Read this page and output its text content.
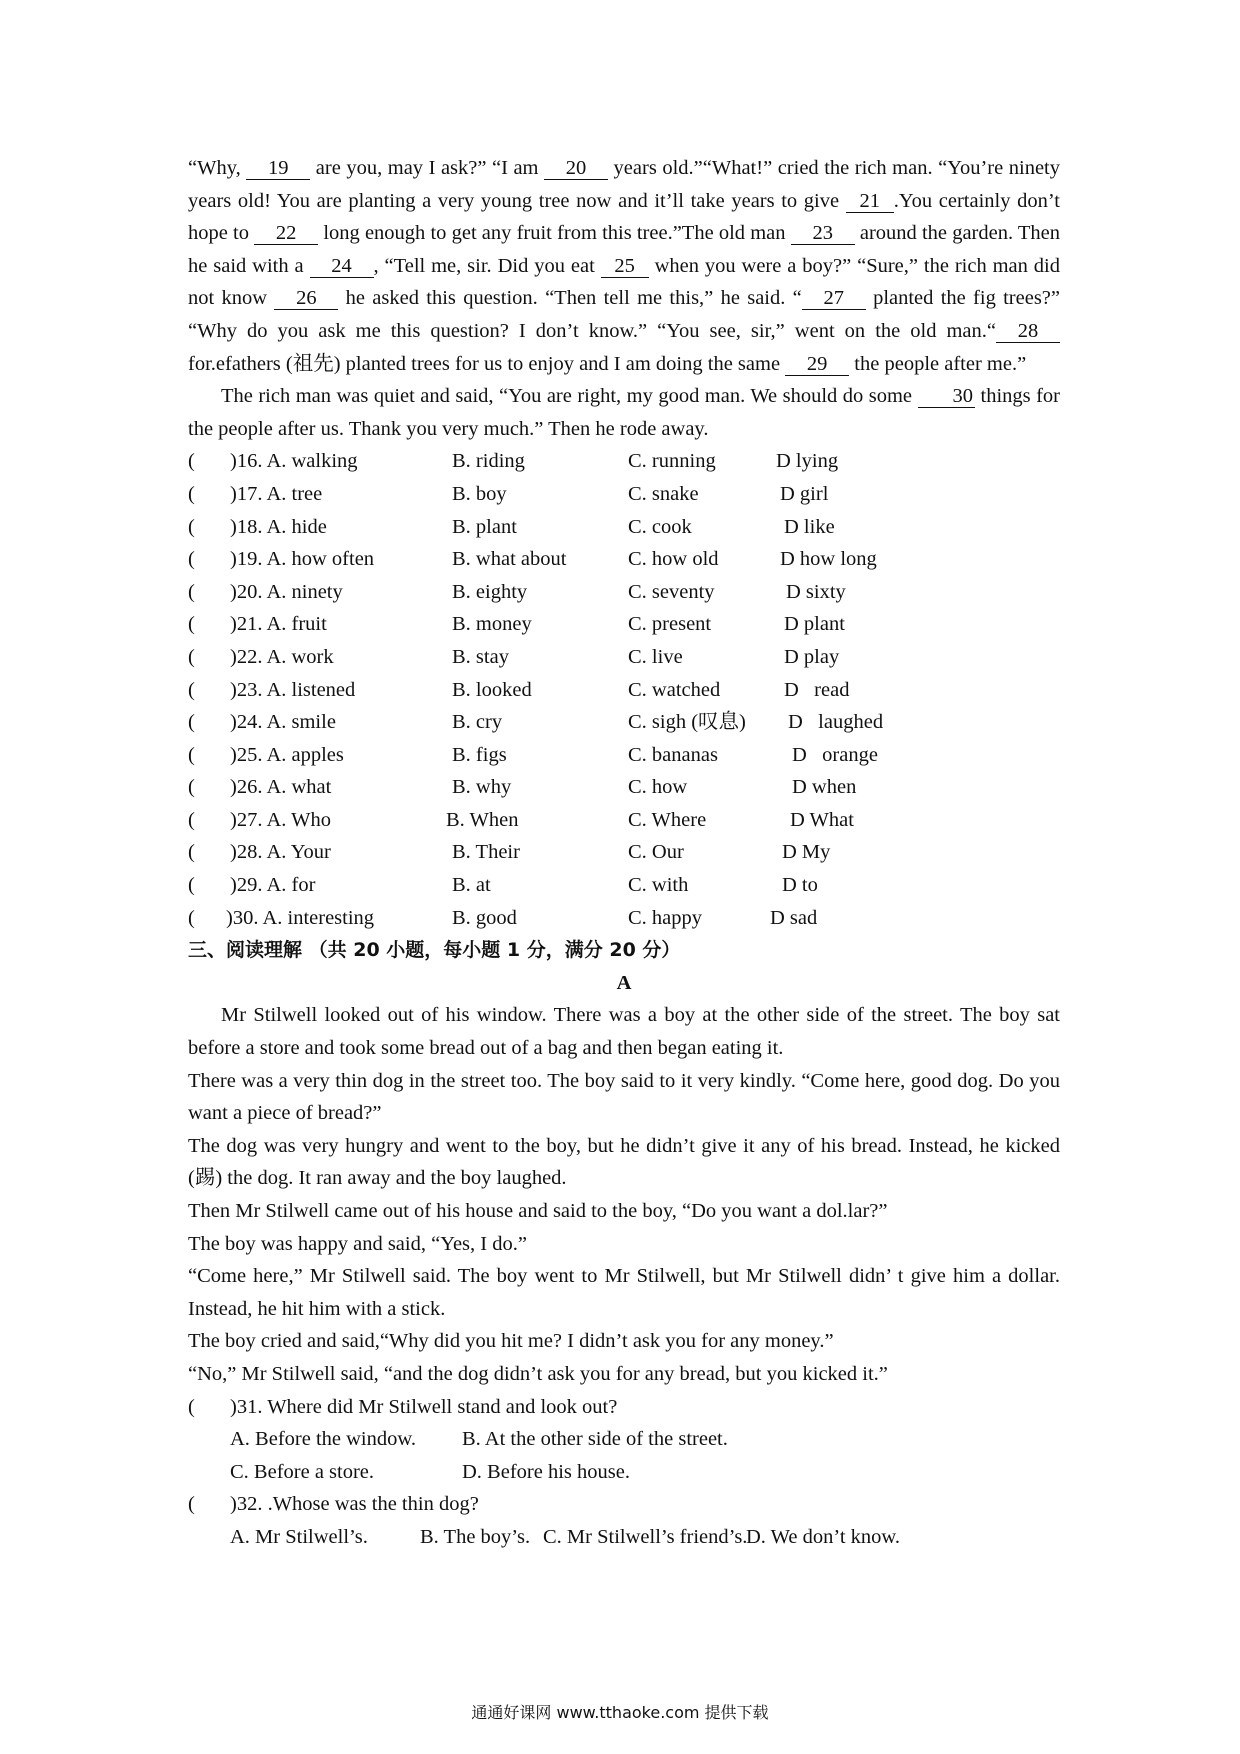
“Why, 19 are you, may I ask?” “I am 20 years old.”“What!” cried the rich man. “You’re ninety years old! You are planting a very young tree now and it’ll take years to give 21 .You certainly don’t hope to 22 long enough to get any fruit from this tree.”The old man 23 around the garden. Then he said with a 24 , “Tell me, sir. Did you eat 25 when you were a boy?” “Sure,” the rich man did not know 26 he asked this question. “Then tell me this,” he said. “ 27 planted the fig trees?” “Why do you ask me this question? I don’t know.” “You see, sir,” went on the old man.“ 28 for.efathers (祖先) planted trees for us to enjoy and I am doing the same 29 the people after me.”

The rich man was quiet and said, “You are right, my good man. We should do some 30 things for the people after us. Thank you very much.” Then he rode away.

( )16. A. walking	B. riding	C. running	D lying
( )17. A. tree	B. boy	C. snake	D girl
( )18. A. hide	B. plant	C. cook	D like
( )19. A. how often	B. what about	C. how old	D how long
( )20. A. ninety	B. eighty	C. seventy	D sixty
( )21. A. fruit	B. money	C. present	D plant
( )22. A. work	B. stay	C. live	D play
( )23. A. listened	B. looked	C. watched	D   read
( )24. A. smile	B. cry	C. sigh (叹息) D   laughed
( )25. A. apples	B. figs	C. bananas	D   orange
( )26. A. what	B. why	C. how	D when
( )27. A. Who	B. When	C. Where	D What
( )28. A. Your	B. Their	C. Our	D My
( )29. A. for	B. at	C. with	D to
( )30. A. interesting	B. good	C. happy	D sad
三、阅读理解 （共 20 小题，每小题 1 分，满分 20 分）

A

Mr Stilwell looked out of his window. There was a boy at the other side of the street. The boy sat before a store and took some bread out of a bag and then began eating it.

There was a very thin dog in the street too. The boy said to it very kindly. “Come here, good dog. Do you want a piece of bread?”

The dog was very hungry and went to the boy, but he didn’t give it any of his bread. Instead, he kicked (踢) the dog. It ran away and the boy laughed.

Then Mr Stilwell came out of his house and said to the boy, “Do you want a dol.lar?”

The boy was happy and said, “Yes, I do.”

“Come here,” Mr Stilwell said. The boy went to Mr Stilwell, but Mr Stilwell didn’ t give him a dollar. Instead, he hit him with a stick.

The boy cried and said,“Why did you hit me? I didn’t ask you for any money.”

“No,” Mr Stilwell said, “and the dog didn’t ask you for any bread, but you kicked it.”

( )31. Where did Mr Stilwell stand and look out?
A. Before the window. B. At the other side of the street.
C. Before a store.	D. Before his house.
( )32. .Whose was the thin dog?
A. Mr Stilwell’s.	B. The boy’s. C. Mr Stilwell’s friend’s.
D. We don’t know.
通通好课网 www.tthaoke.com 提供下载
